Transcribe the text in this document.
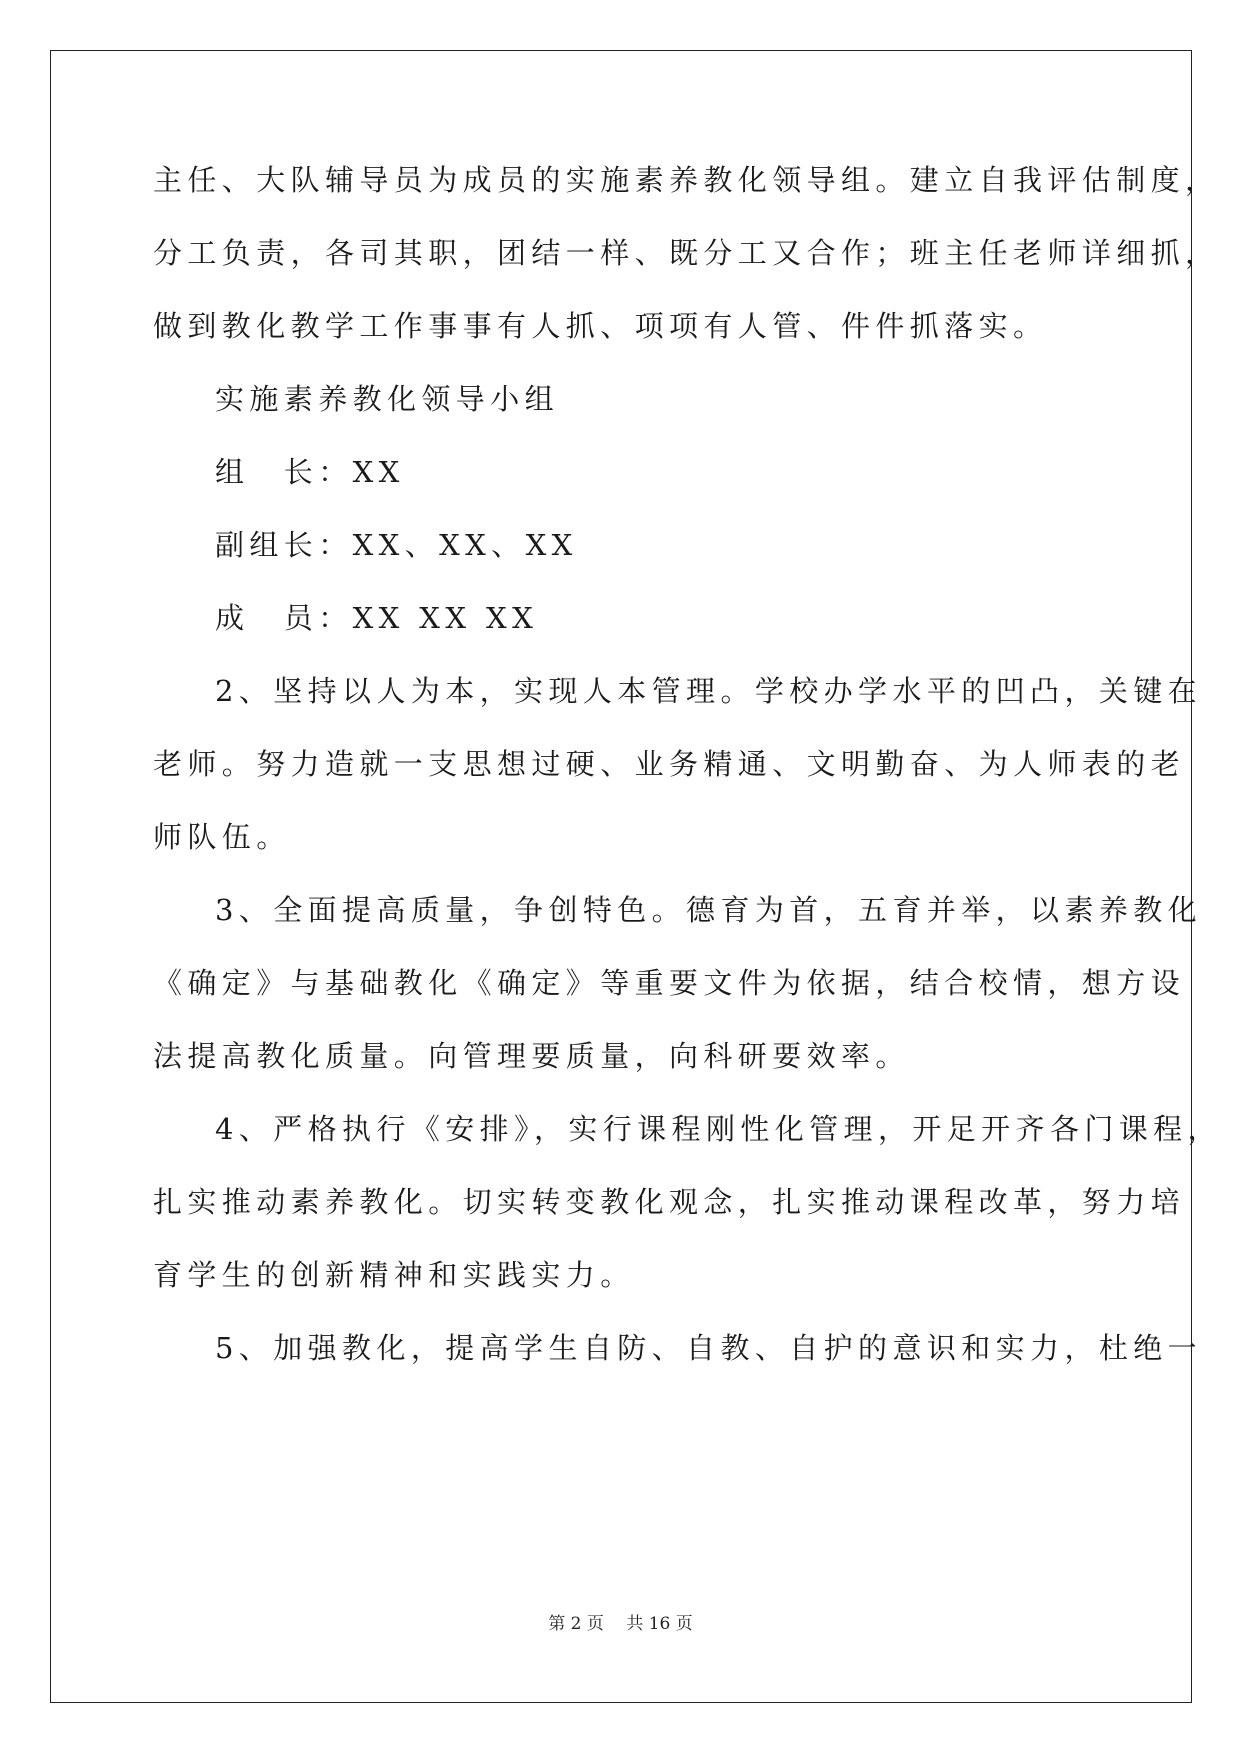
主任、大队辅导员为成员的实施素养教化领导组。建立自我评估制度，
分工负责，各司其职，团结一样、既分工又合作；班主任老师详细抓，
做到教化教学工作事事有人抓、项项有人管、件件抓落实。
实施素养教化领导小组
组　长：XX
副组长：XX、XX、XX
成　员：XX XX XX
2、坚持以人为本，实现人本管理。学校办学水平的凹凸，关键在
老师。努力造就一支思想过硬、业务精通、文明勤奋、为人师表的老
师队伍。
3、全面提高质量，争创特色。德育为首，五育并举，以素养教化
《确定》与基础教化《确定》等重要文件为依据，结合校情，想方设
法提高教化质量。向管理要质量，向科研要效率。
4、严格执行《安排》，实行课程刚性化管理，开足开齐各门课程，
扎实推动素养教化。切实转变教化观念，扎实推动课程改革，努力培
育学生的创新精神和实践实力。
5、加强教化，提高学生自防、自教、自护的意识和实力，杜绝一
第 2 页　 共 16 页
